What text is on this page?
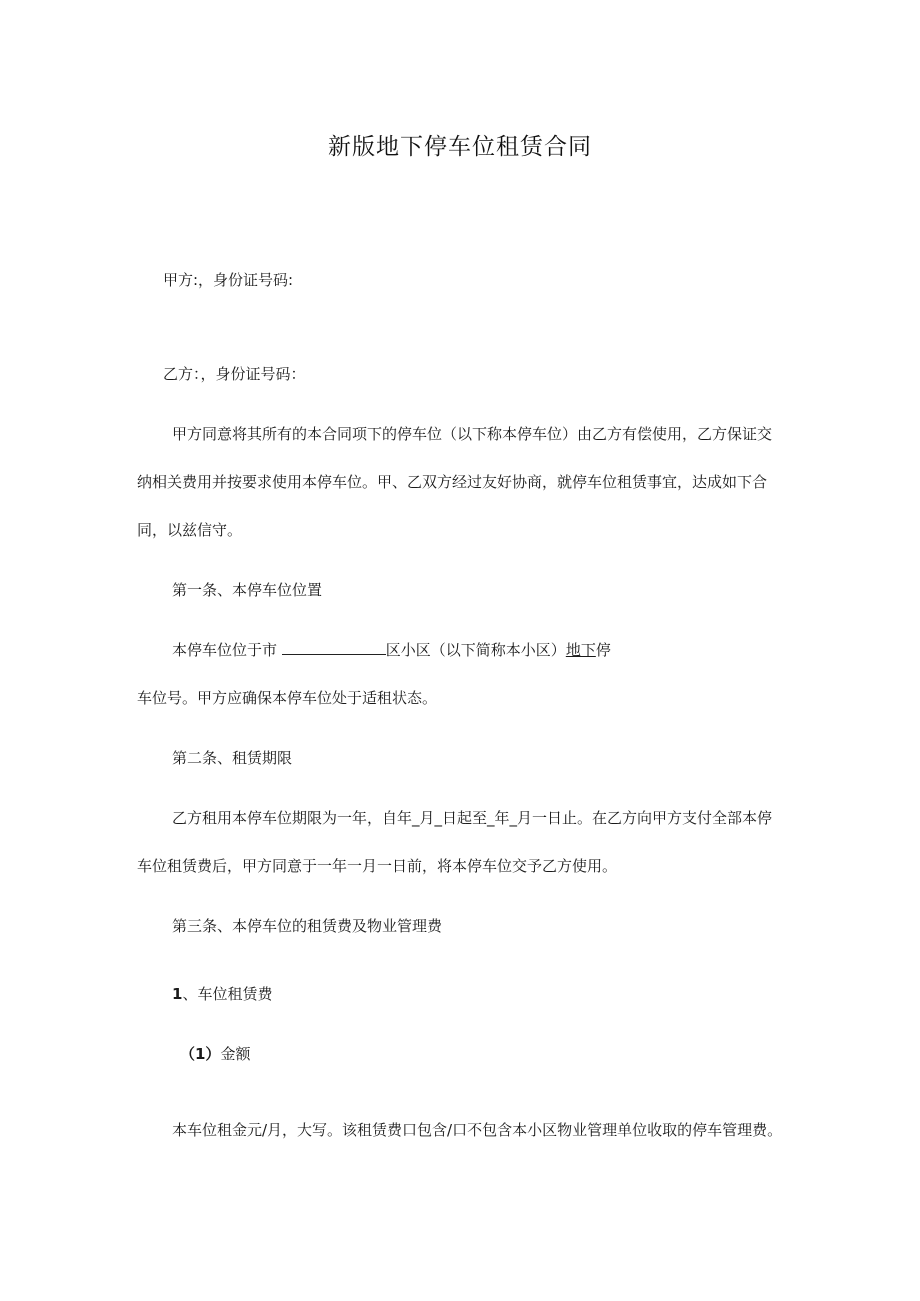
新版地下停车位租赁合同
甲方:，身份证号码:
乙方：，身份证号码：
甲方同意将其所有的本合同项下的停车位（以下称本停车位）由乙方有偿使用，乙方保证交
纳相关费用并按要求使用本停车位。甲、乙双方经过友好协商，就停车位租赁事宜，达成如下合
同，以兹信守。
第一条、本停车位位置
本停车位位于市	区小区（以下简称本小区）地下停
车位号。甲方应确保本停车位处于适租状态。
第二条、租赁期限
乙方租用本停车位期限为一年，自年_月_日起至_年_月一日止。在乙方向甲方支付全部本停
车位租赁费后，甲方同意于一年一月一日前，将本停车位交予乙方使用。
第三条、本停车位的租赁费及物业管理费
1、车位租赁费
（1）金额
本车位租金元/月，大写。该租赁费口包含/口不包含本小区物业管理单位收取的停车管理费。
